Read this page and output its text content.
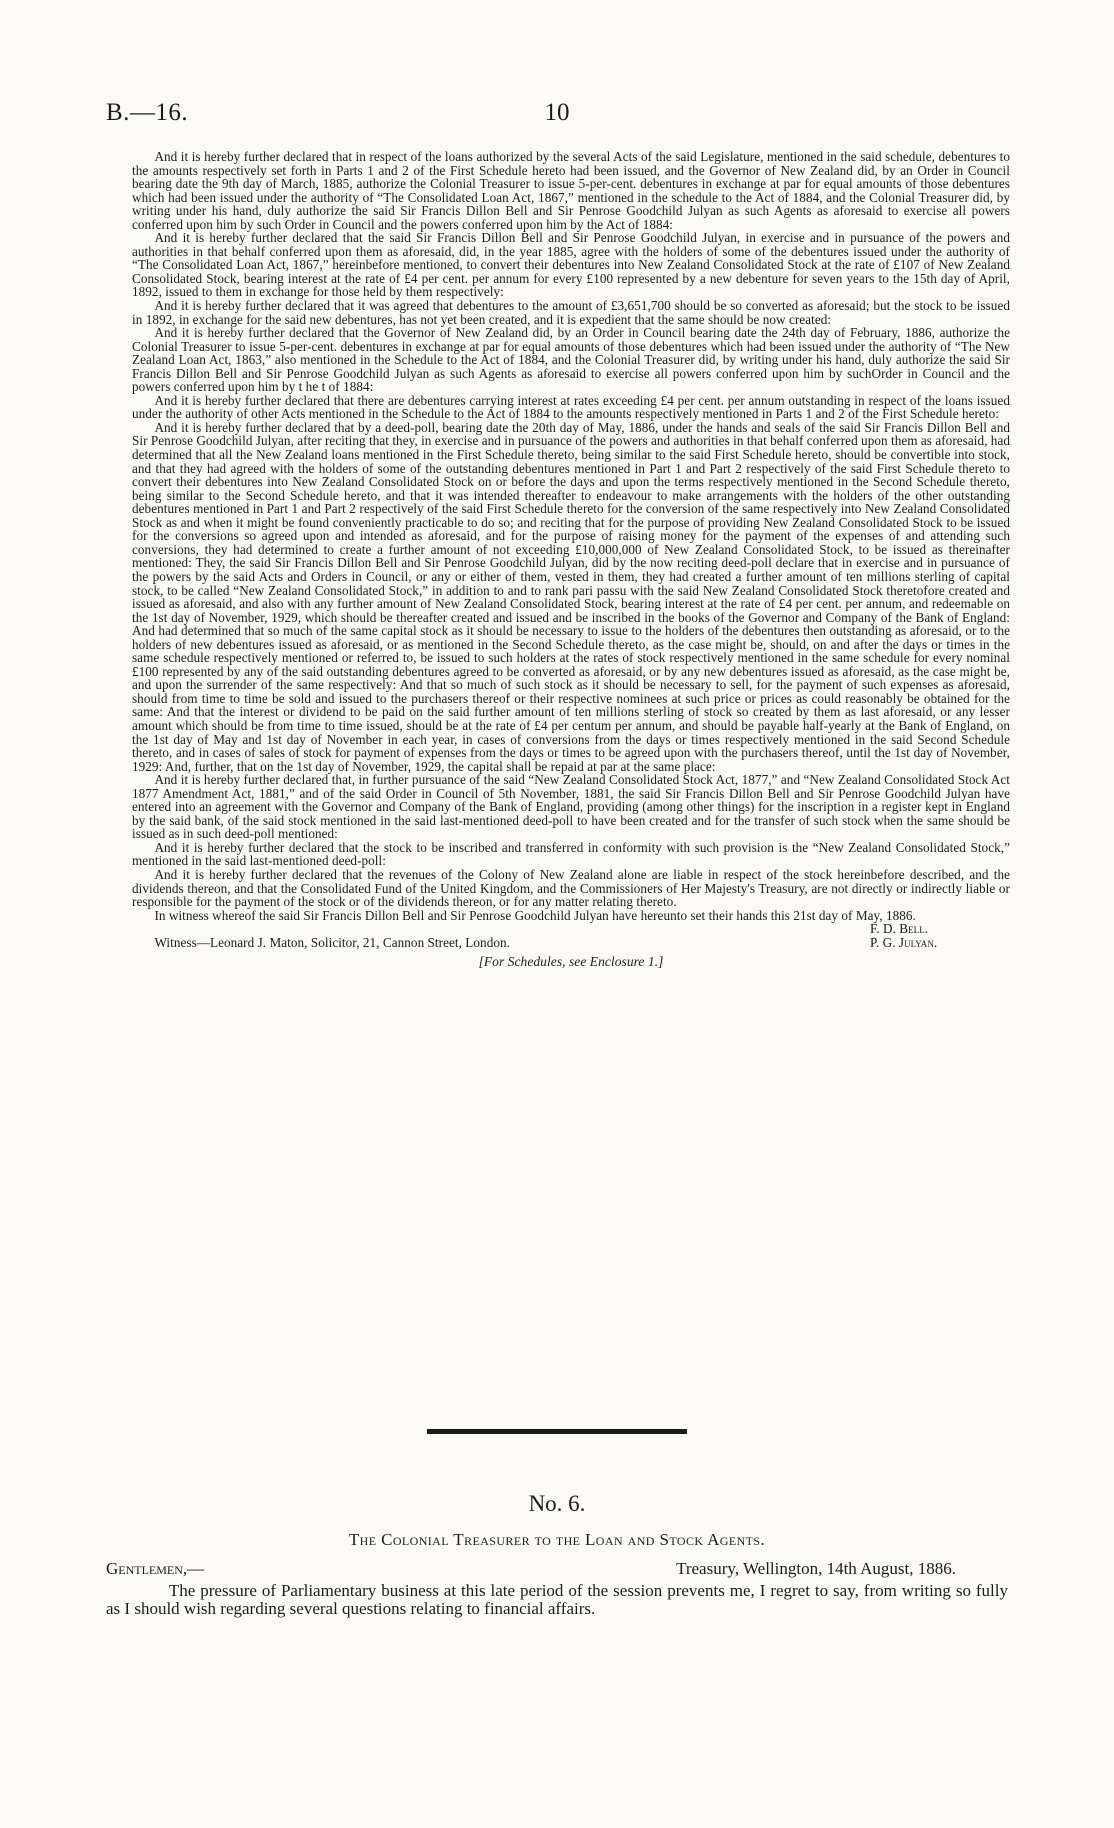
B.—16.	10

And it is hereby further declared that in respect of the loans authorized by the several Acts of the said Legislature, mentioned in the said schedule, debentures to the amounts respectively set forth in Parts 1 and 2 of the First Schedule hereto had been issued, and the Governor of New Zealand did, by an Order in Council bearing date the 9th day of March, 1885, authorize the Colonial Treasurer to issue 5-per-cent. debentures in exchange at par for equal amounts of those debentures which had been issued under the authority of “The Consolidated Loan Act, 1867,” mentioned in the schedule to the Act of 1884, and the Colonial Treasurer did, by writing under his hand, duly authorize the said Sir Francis Dillon Bell and Sir Penrose Goodchild Julyan as such Agents as aforesaid to exercise all powers conferred upon him by such Order in Council and the powers conferred upon him by the Act of 1884:

And it is hereby further declared that the said Sir Francis Dillon Bell and Sir Penrose Goodchild Julyan, in exercise and in pursuance of the powers and authorities in that behalf conferred upon them as aforesaid, did, in the year 1885, agree with the holders of some of the debentures issued under the authority of “The Consolidated Loan Act, 1867,” hereinbefore mentioned, to convert their debentures into New Zealand Consolidated Stock at the rate of £107 of New Zealand Consolidated Stock, bearing interest at the rate of £4 per cent. per annum for every £100 represented by a new debenture for seven years to the 15th day of April, 1892, issued to them in exchange for those held by them respectively:

And it is hereby further declared that it was agreed that debentures to the amount of £3,651,700 should be so converted as aforesaid; but the stock to be issued in 1892, in exchange for the said new debentures, has not yet been created, and it is expedient that the same should be now created:

And it is hereby further declared that the Governor of New Zealand did, by an Order in Council bearing date the 24th day of February, 1886, authorize the Colonial Treasurer to issue 5-per-cent. debentures in exchange at par for equal amounts of those debentures which had been issued under the authority of “The New Zealand Loan Act, 1863,” also mentioned in the Schedule to the Act of 1884, and the Colonial Treasurer did, by writing under his hand, duly authorize the said Sir Francis Dillon Bell and Sir Penrose Goodchild Julyan as such Agents as aforesaid to exercise all powers conferred upon him by suchOrder in Council and the powers conferred upon him by t he t of 1884:

And it is hereby further declared that there are debentures carrying interest at rates exceeding £4 per cent. per annum outstanding in respect of the loans issued under the authority of other Acts mentioned in the Schedule to the Act of 1884 to the amounts respectively mentioned in Parts 1 and 2 of the First Schedule hereto:

And it is hereby further declared that by a deed-poll, bearing date the 20th day of May, 1886, under the hands and seals of the said Sir Francis Dillon Bell and Sir Penrose Goodchild Julyan, after reciting that they, in exercise and in pursuance of the powers and authorities in that behalf conferred upon them as aforesaid, had determined that all the New Zealand loans mentioned in the First Schedule thereto, being similar to the said First Schedule hereto, should be convertible into stock, and that they had agreed with the holders of some of the outstanding debentures mentioned in Part 1 and Part 2 respectively of the said First Schedule thereto to convert their debentures into New Zealand Consolidated Stock on or before the days and upon the terms respectively mentioned in the Second Schedule thereto, being similar to the Second Schedule hereto, and that it was intended thereafter to endeavour to make arrangements with the holders of the other outstanding debentures mentioned in Part 1 and Part 2 respectively of the said First Schedule thereto for the conversion of the same respectively into New Zealand Consolidated Stock as and when it might be found conveniently practicable to do so; and reciting that for the purpose of providing New Zealand Consolidated Stock to be issued for the conversions so agreed upon and intended as aforesaid, and for the purpose of raising money for the payment of the expenses of and attending such conversions, they had determined to create a further amount of not exceeding £10,000,000 of New Zealand Consolidated Stock, to be issued as thereinafter mentioned: They, the said Sir Francis Dillon Bell and Sir Penrose Goodchild Julyan, did by the now reciting deed-poll declare that in exercise and in pursuance of the powers by the said Acts and Orders in Council, or any or either of them, vested in them, they had created a further amount of ten millions sterling of capital stock, to be called “New Zealand Consolidated Stock,” in addition to and to rank pari passu with the said New Zealand Consolidated Stock theretofore created and issued as aforesaid, and also with any further amount of New Zealand Consolidated Stock, bearing interest at the rate of £4 per cent. per annum, and redeemable on the 1st day of November, 1929, which should be thereafter created and issued and be inscribed in the books of the Governor and Company of the Bank of England: And had determined that so much of the same capital stock as it should be necessary to issue to the holders of the debentures then outstanding as aforesaid, or to the holders of new debentures issued as aforesaid, or as mentioned in the Second Schedule thereto, as the case might be, should, on and after the days or times in the same schedule respectively mentioned or referred to, be issued to such holders at the rates of stock respectively mentioned in the same schedule for every nominal £100 represented by any of the said outstanding debentures agreed to be converted as aforesaid, or by any new debentures issued as aforesaid, as the case might be, and upon the surrender of the same respectively: And that so much of such stock as it should be necessary to sell, for the payment of such expenses as aforesaid, should from time to time be sold and issued to the purchasers thereof or their respective nominees at such price or prices as could reasonably be obtained for the same: And that the interest or dividend to be paid on the said further amount of ten millions sterling of stock so created by them as last aforesaid, or any lesser amount which should be from time to time issued, should be at the rate of £4 per centum per annum, and should be payable half-yearly at the Bank of England, on the 1st day of May and 1st day of November in each year, in cases of conversions from the days or times respectively mentioned in the said Second Schedule thereto, and in cases of sales of stock for payment of expenses from the days or times to be agreed upon with the purchasers thereof, until the 1st day of November, 1929: And, further, that on the 1st day of November, 1929, the capital shall be repaid at par at the same place:

And it is hereby further declared that, in further pursuance of the said “New Zealand Consolidated Stock Act, 1877,” and “New Zealand Consolidated Stock Act 1877 Amendment Act, 1881,” and of the said Order in Council of 5th November, 1881, the said Sir Francis Dillon Bell and Sir Penrose Goodchild Julyan have entered into an agreement with the Governor and Company of the Bank of England, providing (among other things) for the inscription in a register kept in England by the said bank, of the said stock mentioned in the said last-mentioned deed-poll to have been created and for the transfer of such stock when the same should be issued as in such deed-poll mentioned:

And it is hereby further declared that the stock to be inscribed and transferred in conformity with such provision is the “New Zealand Consolidated Stock,” mentioned in the said last-mentioned deed-poll:

And it is hereby further declared that the revenues of the Colony of New Zealand alone are liable in respect of the stock hereinbefore described, and the dividends thereon, and that the Consolidated Fund of the United Kingdom, and the Commissioners of Her Majesty's Treasury, are not directly or indirectly liable or responsible for the payment of the stock or of the dividends thereon, or for any matter relating thereto.

In witness whereof the said Sir Francis Dillon Bell and Sir Penrose Goodchild Julyan have hereunto set their hands this 21st day of May, 1886.

F. D. Bell.
Witness—Leonard J. Maton, Solicitor, 21, Cannon Street, London.	P. G. Julyan.
[For Schedules, see Enclosure 1.]
No. 6.
The Colonial Treasurer to the Loan and Stock Agents.
Gentlemen,—	Treasury, Wellington, 14th August, 1886.

The pressure of Parliamentary business at this late period of the session prevents me, I regret to say, from writing so fully as I should wish regarding several questions relating to financial affairs.
